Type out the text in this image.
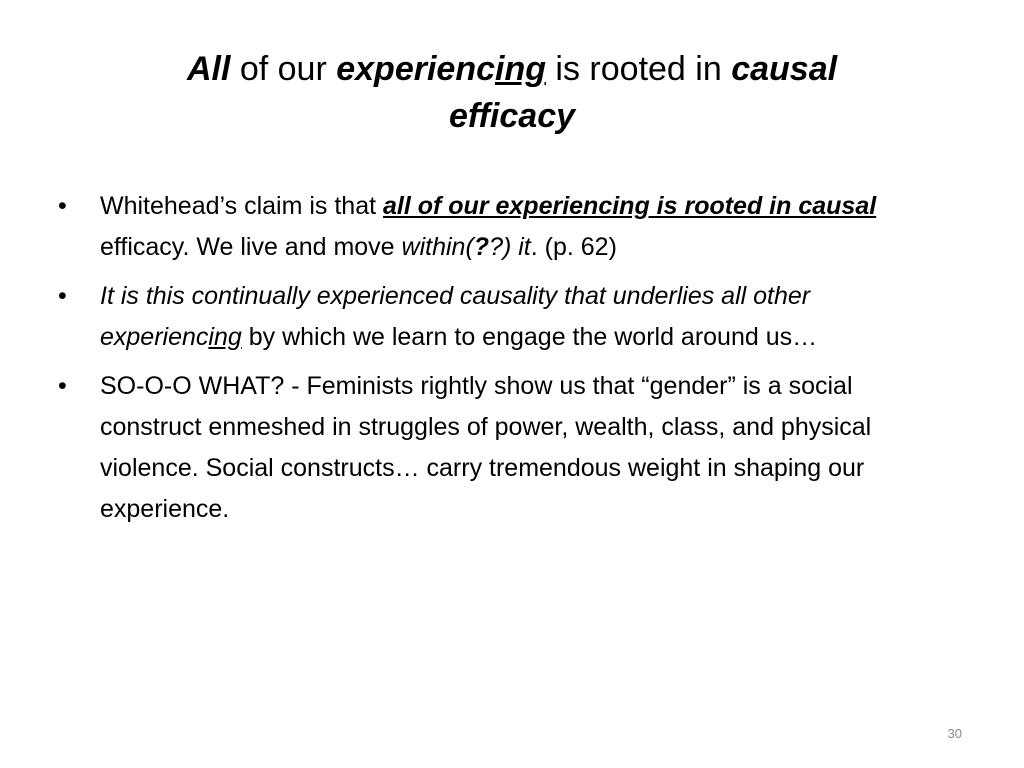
All of our experiencing is rooted in causal
efficacy
•	Whitehead’s claim is that all of our experiencing is rooted in causal efficacy. We live and move within(??) it. (p. 62)
•	It is this continually experienced causality that underlies all other experiencing by which we learn to engage the world around us…
•	SO-O-O WHAT? - Feminists rightly show us that “gender” is a social construct enmeshed in struggles of power, wealth, class, and physical violence. Social constructs… carry tremendous weight in shaping our experience.
30
